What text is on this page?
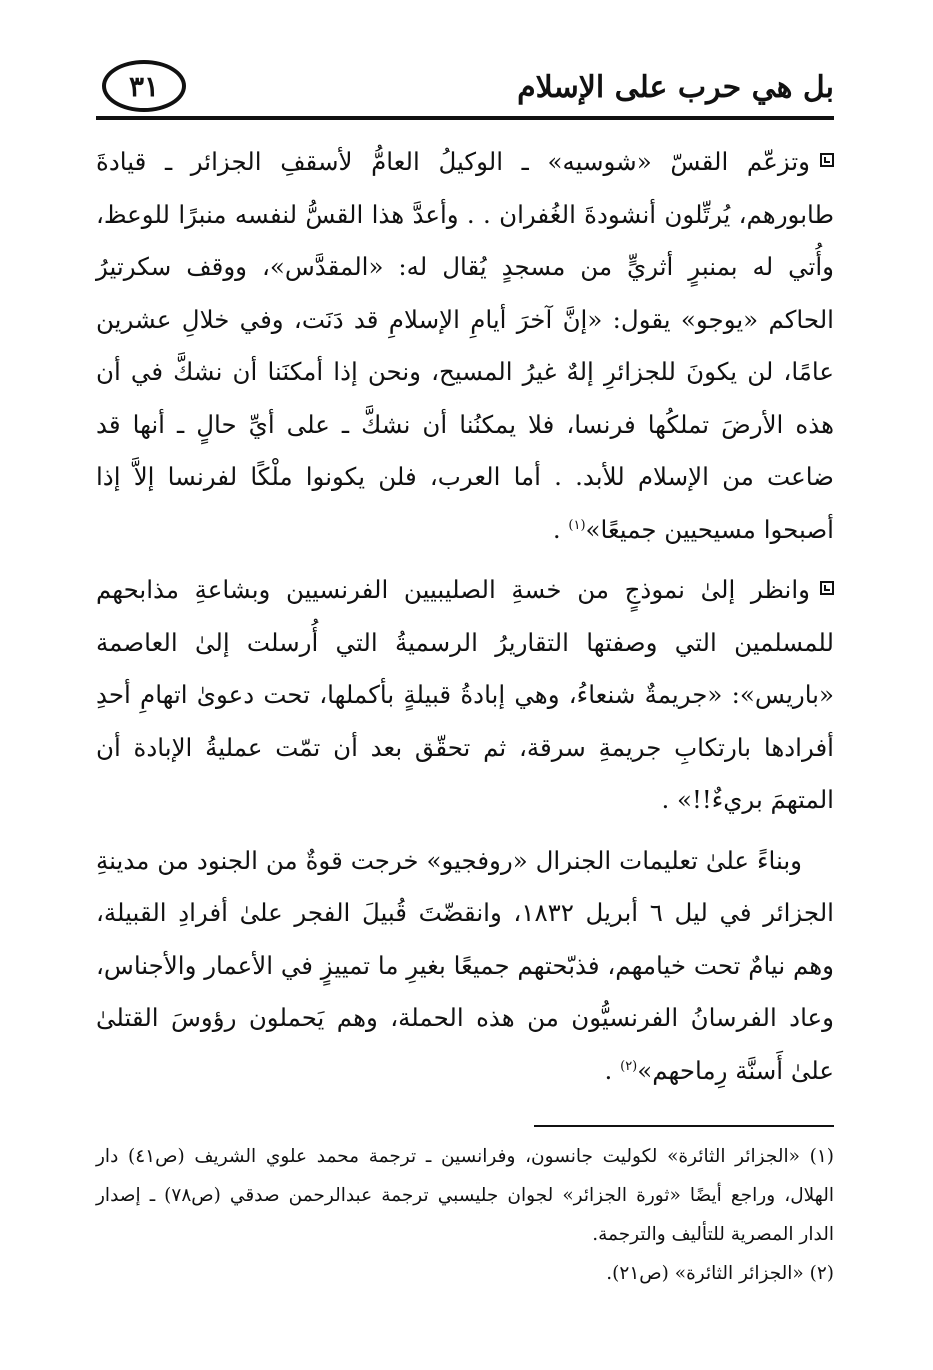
بل هي حرب على الإسلام
٣١

وتزعّم القسّ «شوسيه» ـ الوكيلُ العامُّ لأسقفِ الجزائر ـ قيادةَ طابورهم، يُرتِّلون أنشودةَ الغُفران . . وأعدَّ هذا القسُّ لنفسه منبرًا للوعظ، وأُتي له بمنبرٍ أثريٍّ من مسجدٍ يُقال له: «المقدَّس»، ووقف سكرتيرُ الحاكم «يوجو» يقول: «إنَّ آخرَ أيامِ الإسلامِ قد دَنَت، وفي خلالِ عشرين عامًا، لن يكونَ للجزائرِ إلهٌ غيرُ المسيح، ونحن إذا أمكنَنا أن نشكَّ في أن هذه الأرضَ تملكُها فرنسا، فلا يمكنُنا أن نشكَّ ـ على أيِّ حالٍ ـ أنها قد ضاعت من الإسلام للأبد. . أما العرب، فلن يكونوا ملْكًا لفرنسا إلاَّ إذا أصبحوا مسيحيين جميعًا»$^{(١)}$ .

وانظر إلىٰ نموذجٍ من خسةِ الصليبيين الفرنسيين وبشاعةِ مذابحهم للمسلمين التي وصفتها التقاريرُ الرسميةُ التي أُرسلت إلىٰ العاصمة «باريس»: «جريمةٌ شنعاءُ، وهي إبادةُ قبيلةٍ بأكملها، تحت دعوىٰ اتهامِ أحدِ أفرادها بارتكابِ جريمةِ سرقة، ثم تحقّق بعد أن تمّت عمليةُ الإبادة أن المتهمَ بريءٌ!!» .

وبناءً علىٰ تعليمات الجنرال «روفجيو» خرجت قوةٌ من الجنود من مدينةِ الجزائر في ليل ٦ أبريل ١٨٣٢، وانقضّتَ قُبيلَ الفجر علىٰ أفرادِ القبيلة، وهم نيامٌ تحت خيامهم، فذبّحتهم جميعًا بغيرِ ما تمييزٍ في الأعمار والأجناس، وعاد الفرسانُ الفرنسيُّون من هذه الحملة، وهم يَحملون رؤوسَ القتلىٰ علىٰ أَسنَّة رِماحهم»$^{(٢)}$ .

(١) «الجزائر الثائرة» لكوليت جانسون، وفرانسين ـ ترجمة محمد علوي الشريف (ص٤١) دار الهلال، وراجع أيضًا «ثورة الجزائر» لجوان جليسبي ترجمة عبدالرحمن صدقي (ص٧٨) ـ إصدار الدار المصرية للتأليف والترجمة.

(٢) «الجزائر الثائرة» (ص٢١).
